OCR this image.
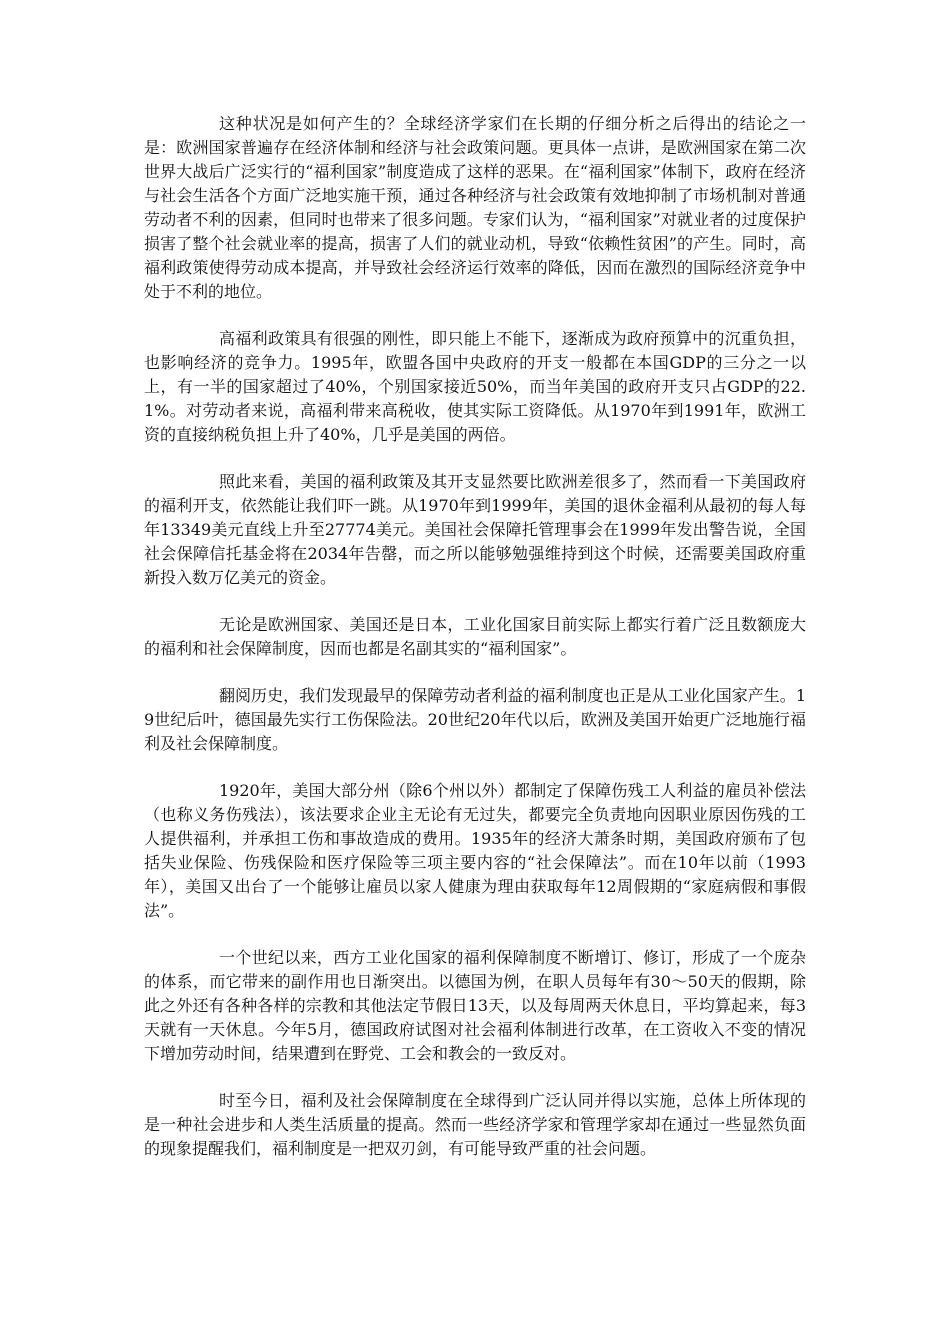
这种状况是如何产生的？全球经济学家们在长期的仔细分析之后得出的结论之一是：欧洲国家普遍存在经济体制和经济与社会政策问题。更具体一点讲，是欧洲国家在第二次世界大战后广泛实行的“福利国家”制度造成了这样的恶果。在“福利国家”体制下，政府在经济与社会生活各个方面广泛地实施干预，通过各种经济与社会政策有效地抑制了市场机制对普通劳动者不利的因素，但同时也带来了很多问题。专家们认为，“福利国家”对就业者的过度保护损害了整个社会就业率的提高，损害了人们的就业动机，导致“依赖性贫困”的产生。同时，高福利政策使得劳动成本提高，并导致社会经济运行效率的降低，因而在激烈的国际经济竞争中处于不利的地位。

高福利政策具有很强的刚性，即只能上不能下，逐渐成为政府预算中的沉重负担，也影响经济的竞争力。1995年，欧盟各国中央政府的开支一般都在本国GDP的三分之一以上，有一半的国家超过了40%，个别国家接近50%，而当年美国的政府开支只占GDP的22.1%。对劳动者来说，高福利带来高税收，使其实际工资降低。从1970年到1991年，欧洲工资的直接纳税负担上升了40%，几乎是美国的两倍。

照此来看，美国的福利政策及其开支显然要比欧洲差很多了，然而看一下美国政府的福利开支，依然能让我们吓一跳。从1970年到1999年，美国的退休金福利从最初的每人每年13349美元直线上升至27774美元。美国社会保障托管理事会在1999年发出警告说，全国社会保障信托基金将在2034年告罄，而之所以能够勉强维持到这个时候，还需要美国政府重新投入数万亿美元的资金。

无论是欧洲国家、美国还是日本，工业化国家目前实际上都实行着广泛且数额庞大的福利和社会保障制度，因而也都是名副其实的“福利国家”。

翻阅历史，我们发现最早的保障劳动者利益的福利制度也正是从工业化国家产生。19世纪后叶，德国最先实行工伤保险法。20世纪20年代以后，欧洲及美国开始更广泛地施行福利及社会保障制度。

1920年，美国大部分州（除6个州以外）都制定了保障伤残工人利益的雇员补偿法（也称义务伤残法），该法要求企业主无论有无过失，都要完全负责地向因职业原因伤残的工人提供福利，并承担工伤和事故造成的费用。1935年的经济大萧条时期，美国政府颁布了包括失业保险、伤残保险和医疗保险等三项主要内容的“社会保障法”。而在10年以前（1993年），美国又出台了一个能够让雇员以家人健康为理由获取每年12周假期的“家庭病假和事假法”。

一个世纪以来，西方工业化国家的福利保障制度不断增订、修订，形成了一个庞杂的体系，而它带来的副作用也日渐突出。以德国为例，在职人员每年有30～50天的假期，除此之外还有各种各样的宗教和其他法定节假日13天，以及每周两天休息日，平均算起来，每3天就有一天休息。今年5月，德国政府试图对社会福利体制进行改革，在工资收入不变的情况下增加劳动时间，结果遭到在野党、工会和教会的一致反对。

时至今日，福利及社会保障制度在全球得到广泛认同并得以实施，总体上所体现的是一种社会进步和人类生活质量的提高。然而一些经济学家和管理学家却在通过一些显然负面的现象提醒我们，福利制度是一把双刃剑，有可能导致严重的社会问题。
